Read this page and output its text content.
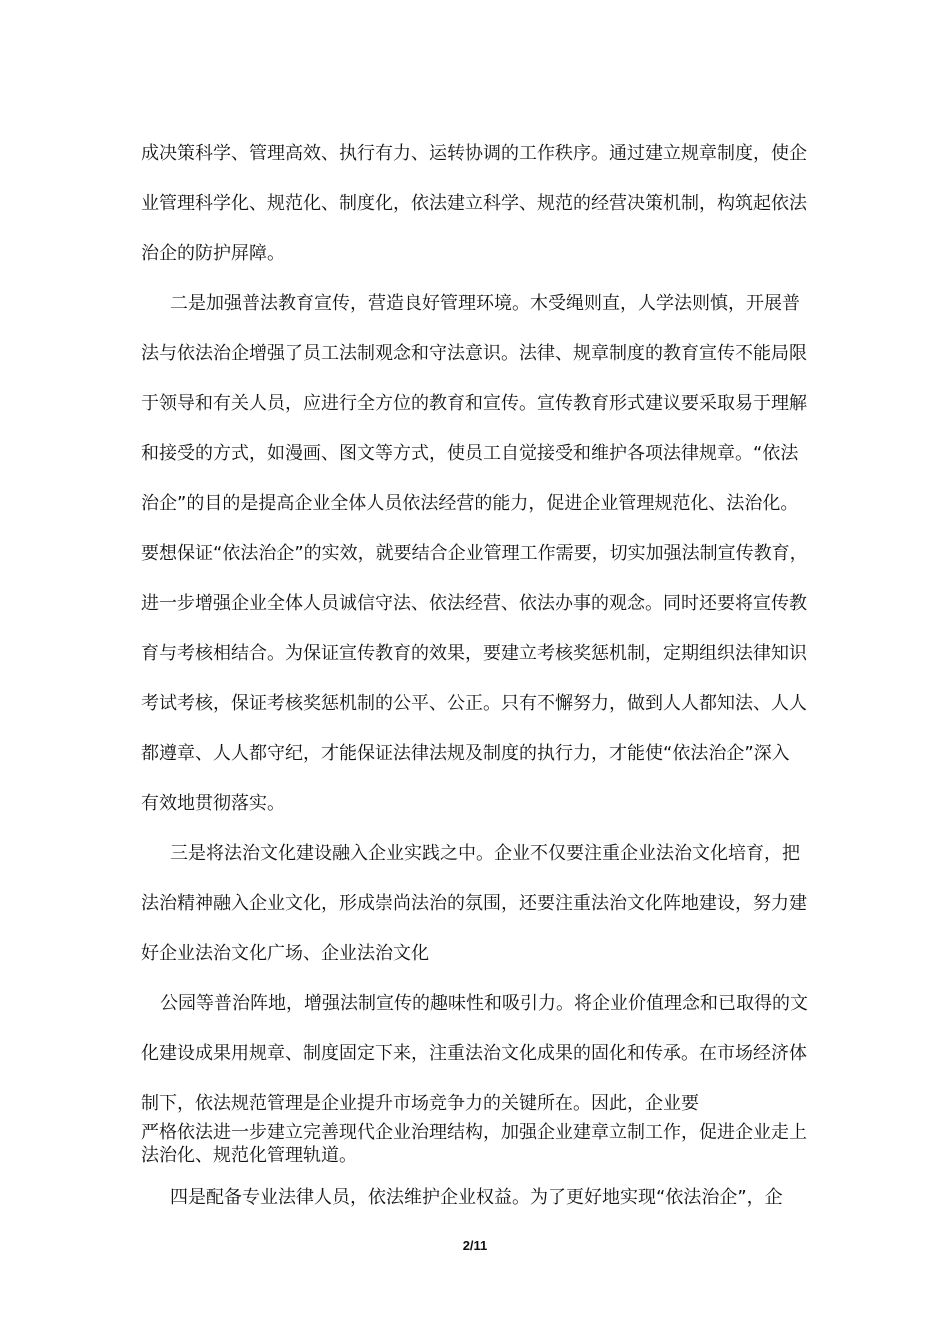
成决策科学、管理高效、执行有力、运转协调的工作秩序。通过建立规章制度，使企
业管理科学化、规范化、制度化，依法建立科学、规范的经营决策机制，构筑起依法
治企的防护屏障。
二是加强普法教育宣传，营造良好管理环境。木受绳则直，人学法则慎，开展普
法与依法治企增强了员工法制观念和守法意识。法律、规章制度的教育宣传不能局限
于领导和有关人员，应进行全方位的教育和宣传。宣传教育形式建议要采取易于理解
和接受的方式，如漫画、图文等方式，使员工自觉接受和维护各项法律规章。“依法
治企”的目的是提高企业全体人员依法经营的能力，促进企业管理规范化、法治化。
要想保证“依法治企”的实效，就要结合企业管理工作需要，切实加强法制宣传教育，
进一步增强企业全体人员诚信守法、依法经营、依法办事的观念。同时还要将宣传教
育与考核相结合。为保证宣传教育的效果，要建立考核奖惩机制，定期组织法律知识
考试考核，保证考核奖惩机制的公平、公正。只有不懈努力，做到人人都知法、人人
都遵章、人人都守纪，才能保证法律法规及制度的执行力，才能使“依法治企”深入
有效地贯彻落实。
三是将法治文化建设融入企业实践之中。企业不仅要注重企业法治文化培育，把
法治精神融入企业文化，形成崇尚法治的氛围，还要注重法治文化阵地建设，努力建
好企业法治文化广场、企业法治文化
公园等普治阵地，增强法制宣传的趣味性和吸引力。将企业价值理念和已取得的文
化建设成果用规章、制度固定下来，注重法治文化成果的固化和传承。在市场经济体
制下，依法规范管理是企业提升市场竞争力的关键所在。因此，企业要
严格依法进一步建立完善现代企业治理结构，加强企业建章立制工作，促进企业走上
法治化、规范化管理轨道。
四是配备专业法律人员，依法维护企业权益。为了更好地实现“依法治企”，企
2/11
